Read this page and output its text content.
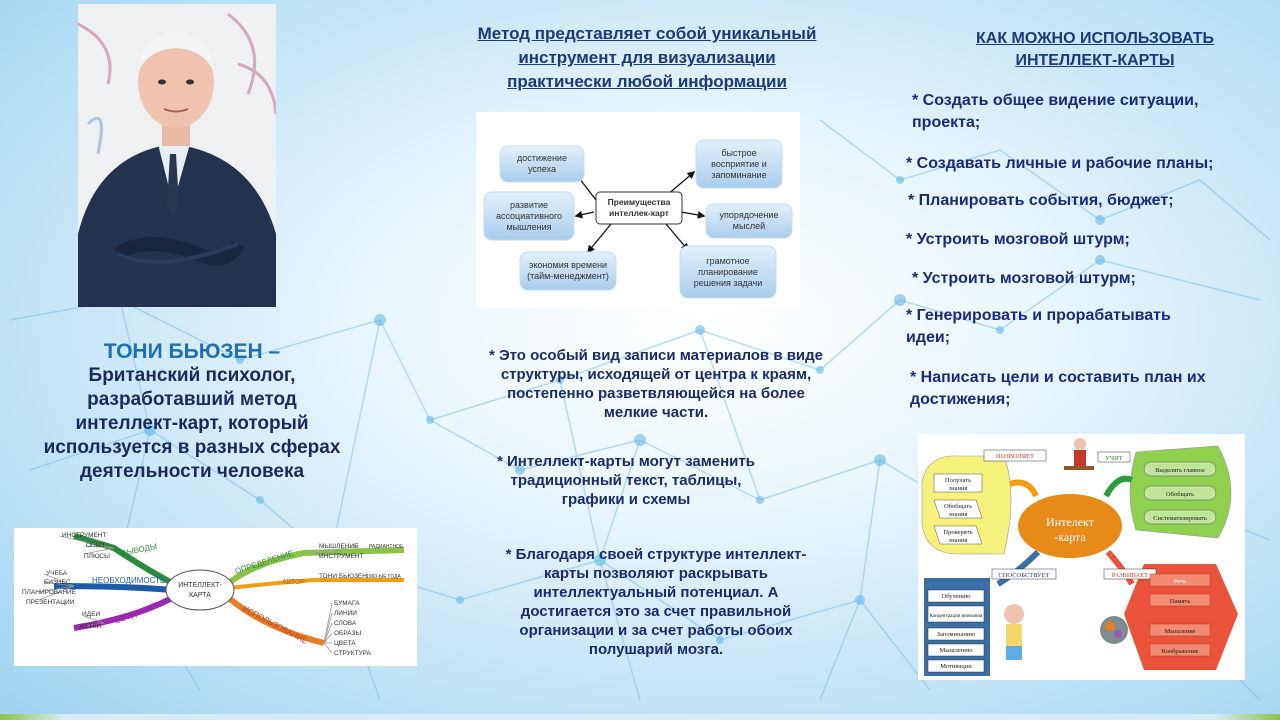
ТОНИ БЬЮЗЕН –
Британский психолог,
разработавший метод
интеллект-карт, который
используется в разных сферах
деятельности человека
ИНТЕЛЛЕКТ-
КАРТА
ВЫВОДЫ
НЕОБХОДИМОСТЬ
СОЗДАНИЕ
ОПРЕДЕЛЕНИЕ
АВТОР
ИСПОЛЬЗОВАНИЕ
ИНСТРУМЕНТ
ОПЫТ
ПЛЮСЫ
УЧЕБА
БИЗНЕС
ПЛАНИРОВАНИЕ
ПРЕЗЕНТАЦИИ
ИДЕИ
ВЕТКИ
МЫШЛЕНИЕ
ИНСТРУМЕНТ
РАДИАНТНОЕ
ТОНИ БЬЮЗЕН 1960-ЫЕ ГОДА
БУМАГА
ЛИНИИ
СЛОВА
ОБРАЗЫ
ЦВЕТА
СТРУКТУРА
Метод представляет собой уникальный
инструмент для визуализации
практически любой информации
Преимущества
интеллек-карт
достижение
успеха
развитие
ассоциативного
мышления
экономия времени
(тайм-менеджмент)
быстрое
восприятие и
запоминание
упорядочение
мыслей
грамотное
планирование
решения задачи
* Это особый вид записи материалов в виде
структуры, исходящей от центра к краям,
постепенно разветвляющейся на более
мелкие части.
* Интеллект-карты могут заменить
традиционный текст, таблицы,
графики и схемы
* Благодаря своей структуре интеллект-
карты позволяют раскрывать
интеллектуальный потенциал. А
достигается это за счет правильной
организации и за счет работы обоих
полушарий мозга.
КАК МОЖНО ИСПОЛЬЗОВАТЬ
ИНТЕЛЛЕКТ-КАРТЫ
* Создать общее видение ситуации,
проекта;
* Создавать личные и рабочие планы;
* Планировать события, бюджет;
* Устроить мозговой штурм;
* Устроить мозговой штурм;
* Генерировать и прорабатывать
идеи;
* Написать цели и составить план их
достижения;
Интелект
-карта
ПОЗВОЛЯЕТ	УЧИТ
СПОСОБСТВУЕТ	РАЗВИВАЕТ
Получать
знания
Обобщать
знания
Проверять
знания
Выделять главное
Обобщать
Систематизировать
Обучению
Концентрации внимания
Запоминанию
Мышлению
Мотивации
Речь
Память
Мышление
Воображение
